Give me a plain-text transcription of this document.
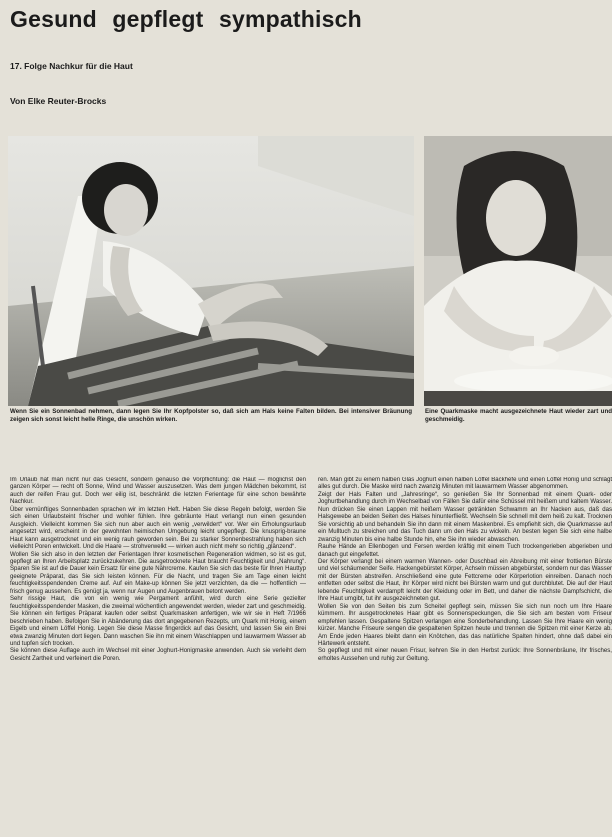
Gesund gepflegt sympathisch
17. Folge Nachkur für die Haut
Von Elke Reuter-Brocks
Wenn Sie ein Sonnenbad nehmen, dann legen Sie Ihr Kopfpolster so, daß sich am Hals keine Falten bilden. Bei intensiver Bräunung zeigen sich sonst leicht helle Ringe, die unschön wirken.
Eine Quarkmaske macht ausgezeichnete Haut wieder zart und geschmeidig.

Im Urlaub hat man nicht nur das Gesicht, sondern genauso die Vorpflichtung: die Haut — möglichst den ganzen Körper — recht oft Sonne, Wind und Wasser auszusetzen. Was dem jungen Mädchen bekommt, ist auch der reifen Frau gut. Doch wer eilig ist, beschränkt die letzten Ferientage für eine schon bewährte Nachkur.

Über vernünftiges Sonnenbaden sprachen wir im letzten Heft. Haben Sie diese Regeln befolgt, werden Sie sich einen Urlaubsteint frischer und wohler fühlen. Ihre gebräunte Haut verlangt nun einen gesunden Ausgleich. Vielleicht kommen Sie sich nun aber auch ein wenig „verwildert“ vor. Wer ein Erholungsurlaub angesetzt wird, erscheint in der gewohnten heimischen Umgebung leicht ungepflegt. Die knusprig-braune Haut kann ausgetrocknet und ein wenig rauh geworden sein. Bei zu starker Sonnenbestrahlung haben sich vielleicht Poren entwickelt. Und die Haare — strohverwelkt — wirken auch nicht mehr so richtig „glänzend“.

Wollen Sie sich also in den letzten der Ferientagen Ihrer kosmetischen Regeneration widmen, so ist es gut, gepflegt an Ihren Arbeitsplatz zurückzukehren. Die ausgetrocknete Haut braucht Feuchtigkeit und „Nahrung“. Sparen Sie ist auf die Dauer kein Ersatz für eine gute Nährcreme. Kaufen Sie sich das beste für Ihren Hauttyp geeignete Präparat, das Sie sich leisten können. Für die Nacht, und tragen Sie am Tage einen leicht feuchtigkeitsspendenden Creme auf. Auf ein Make-up können Sie jetzt verzichten, da die — hoffentlich — frisch genug aussehen. Es genügt ja, wenn nur Augen und Augenbrauen betont werden.

Sehr rissige Haut, die von ein wenig wie Pergament anfühlt, wird durch eine Serie gezielter feuchtigkeitsspendender Masken, die zweimal wöchentlich angewendet werden, wieder zart und geschmeidig. Sie können ein fertiges Präparat kaufen oder selbst Quarkmasken anfertigen, wie wir sie in Heft 7/1966 beschrieben haben. Befolgen Sie in Abänderung das dort angegebenen Rezepts, um Quark mit Honig, einem Eigelb und einem Löffel Honig. Legen Sie diese Masse fingerdick auf das Gesicht, und lassen Sie ein Brei etwa zwanzig Minuten dort liegen. Dann waschen Sie ihn mit einem Waschlappen und lauwarmem Wasser ab und tupfen sich trocken.

Sie können diese Auflage auch im Wechsel mit einer Joghurt-Honigmaske anwenden. Auch sie verleiht dem Gesicht Zartheit und verfeinert die Poren.

ren. Man gibt zu einem halben Glas Joghurt einen halben Löffel Backhefe und einen Löffel Honig und schlägt alles gut durch. Die Maske wird nach zwanzig Minuten mit lauwarmem Wasser abgenommen.

Zeigt der Hals Falten und „Jahresringe“, so genießen Sie Ihr Sonnenbad mit einem Quark- oder Joghurtbehandlung durch im Wechselbad von Fällen Sie dafür eine Schüssel mit heißem und kaltem Wasser. Nun drücken Sie einen Lappen mit heißem Wasser getränkten Schwamm an Ihr Nacken aus, daß das Halsgewebe an beiden Seiten des Halses hinunterfließt. Wechseln Sie schnell mit dem heiß zu kalt. Trocknen Sie vorsichtig ab und behandeln Sie ihn dann mit einem Maskenbrei. Es empfiehlt sich, die Quarkmasse auf ein Mulltuch zu streichen und das Tuch dann um den Hals zu wickeln. An besten legen Sie sich eine halbe zwanzig Minuten bis eine halbe Stunde hin, ehe Sie ihn wieder abwaschen.

Rauhe Hände an Ellenbogen und Fersen werden kräftig mit einem Tuch trockengerieben abgerieben und danach gut eingefettet.

Der Körper verlangt bei einem warmen Wannen- oder Duschbad ein Abreibung mit einer frottierten Bürste und viel schäumender Seife. Hackengebürstet Körper, Achseln müssen abgebürstet, sondern nur das Wasser mit der Bürsten abstreifen. Anschließend eine gute Fettcreme oder Körperlotion einreiben. Danach noch entfetten oder selbst die Haut, ihr Körper wird nicht bei Bürsten warm und gut durchblutet. Die auf der Haut lebende Feuchtigkeit verdampft leicht der Kleidung oder im Bett, und daher die nächste Dampfschicht, die Ihre Haut umgibt, tut ihr ausgezeichneten gut.

Wollen Sie von den Seiten bis zum Scheitel gepflegt sein, müssen Sie sich nun noch um Ihre Haare kümmern. Ihr ausgetrocknetes Haar gibt es Sonnenspeckungen, die Sie sich am besten vom Friseur empfehlen lassen. Gespaltene Spitzen verlangen eine Sonderbehandlung. Lassen Sie Ihre Haare ein wenig kürzer. Manche Friseure sengen die gespaltenen Spitzen heute und trennen die Spitzen mit einer Kerze ab. Am Ende jeden Haares bleibt dann ein Knötchen, das das natürliche Spalten hindert, ohne daß dabei ein Härtewerk entsteht.

So gepflegt und mit einer neuen Frisur, kehren Sie in den Herbst zurück: Ihre Sonnenbräune, Ihr frisches, erholtes Aussehen und ruhig zur Geltung.
